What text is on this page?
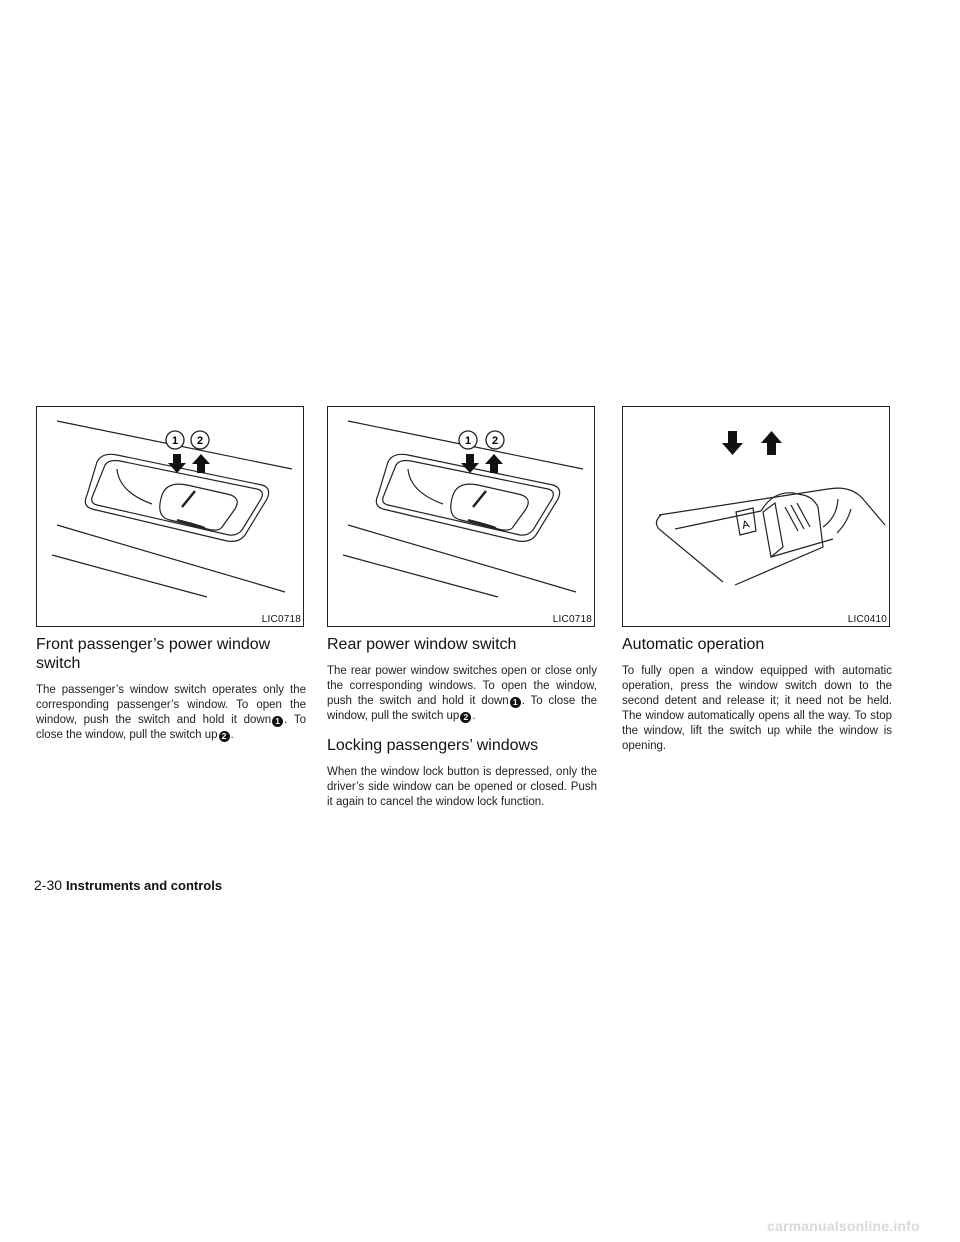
1 2
LIC0718
Front passenger’s power window switch

The passenger’s window switch operates only the corresponding passenger’s window. To open the window, push the switch and hold it down 1 . To close the window, pull the switch up 2 .

1 2
LIC0718
Rear power window switch

The rear power window switches open or close only the corresponding windows. To open the window, push the switch and hold it down 1 . To close the window, pull the switch up 2 .

Locking passengers’ windows

When the window lock button is depressed, only the driver’s side window can be opened or closed. Push it again to cancel the window lock function.

A
LIC0410
Automatic operation

To fully open a window equipped with automatic operation, press the window switch down to the second detent and release it; it need not be held. The window automatically opens all the way. To stop the window, lift the switch up while the window is opening.

2-30 Instruments and controls
carmanualsonline.info
